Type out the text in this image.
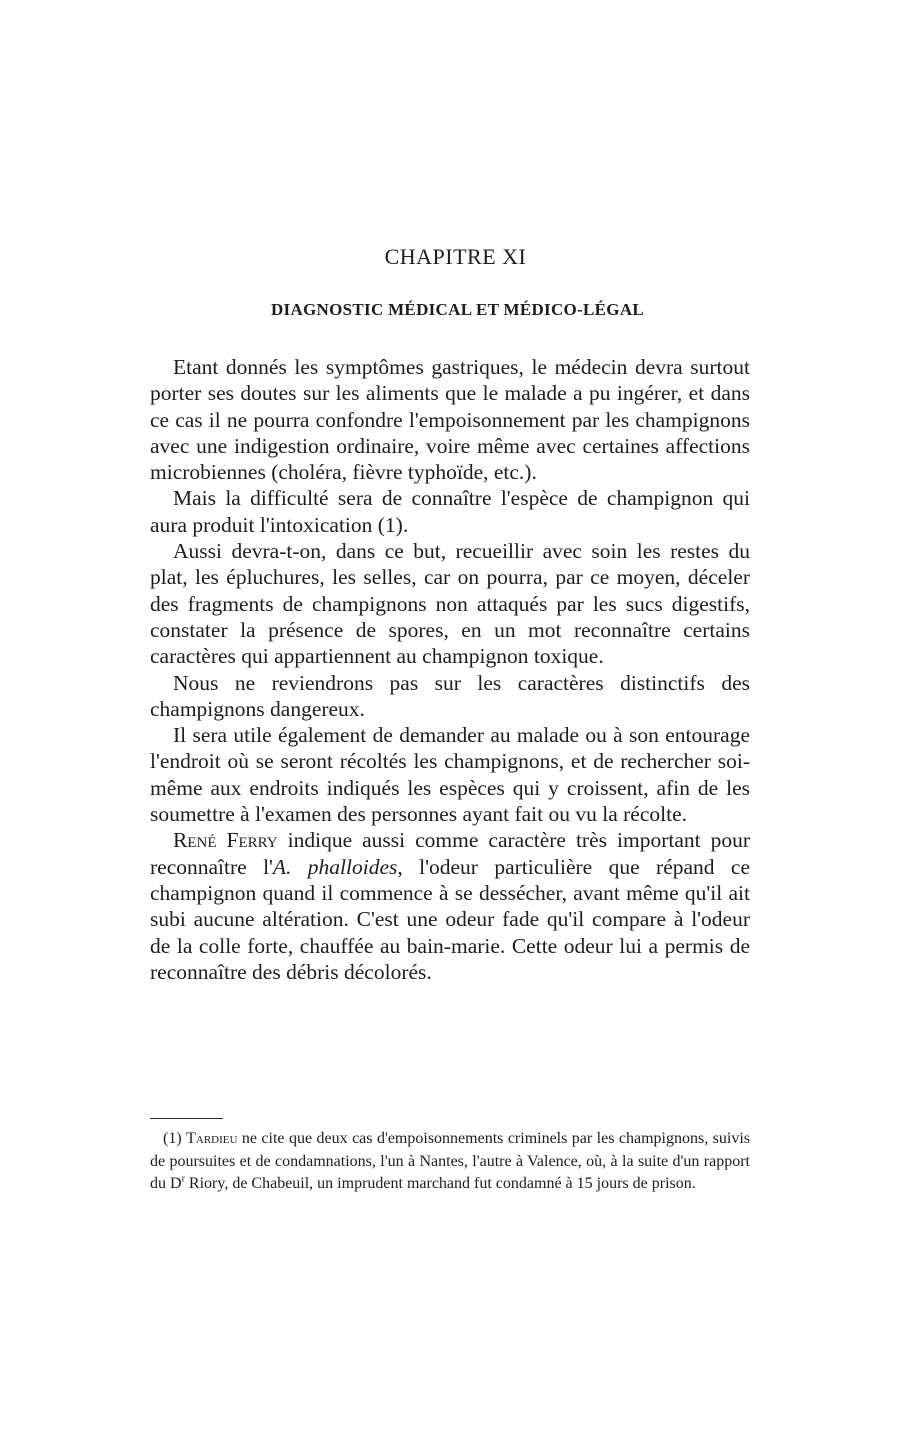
CHAPITRE XI
DIAGNOSTIC MÉDICAL ET MÉDICO-LÉGAL

Etant donnés les symptômes gastriques, le médecin devra surtout porter ses doutes sur les aliments que le malade a pu ingérer, et dans ce cas il ne pourra confondre l'empoisonnement par les champignons avec une indigestion ordinaire, voire même avec certaines affections microbiennes (choléra, fièvre typhoïde, etc.).

Mais la difficulté sera de connaître l'espèce de champignon qui aura produit l'intoxication (1).

Aussi devra-t-on, dans ce but, recueillir avec soin les restes du plat, les épluchures, les selles, car on pourra, par ce moyen, déceler des fragments de champignons non attaqués par les sucs digestifs, constater la présence de spores, en un mot reconnaître certains caractères qui appartiennent au champignon toxique.

Nous ne reviendrons pas sur les caractères distinctifs des champignons dangereux.

Il sera utile également de demander au malade ou à son entourage l'endroit où se seront récoltés les champignons, et de rechercher soi-même aux endroits indiqués les espèces qui y croissent, afin de les soumettre à l'examen des personnes ayant fait ou vu la récolte.

René Ferry indique aussi comme caractère très important pour reconnaître l'A. phalloides, l'odeur particulière que répand ce champignon quand il commence à se dessécher, avant même qu'il ait subi aucune altération. C'est une odeur fade qu'il compare à l'odeur de la colle forte, chauffée au bain-marie. Cette odeur lui a permis de reconnaître des débris décolorés.

(1) Tardieu ne cite que deux cas d'empoisonnements criminels par les champignons, suivis de poursuites et de condamnations, l'un à Nantes, l'autre à Valence, où, à la suite d'un rapport du $D^r$ Riory, de Chabeuil, un imprudent marchand fut condamné à 15 jours de prison.
